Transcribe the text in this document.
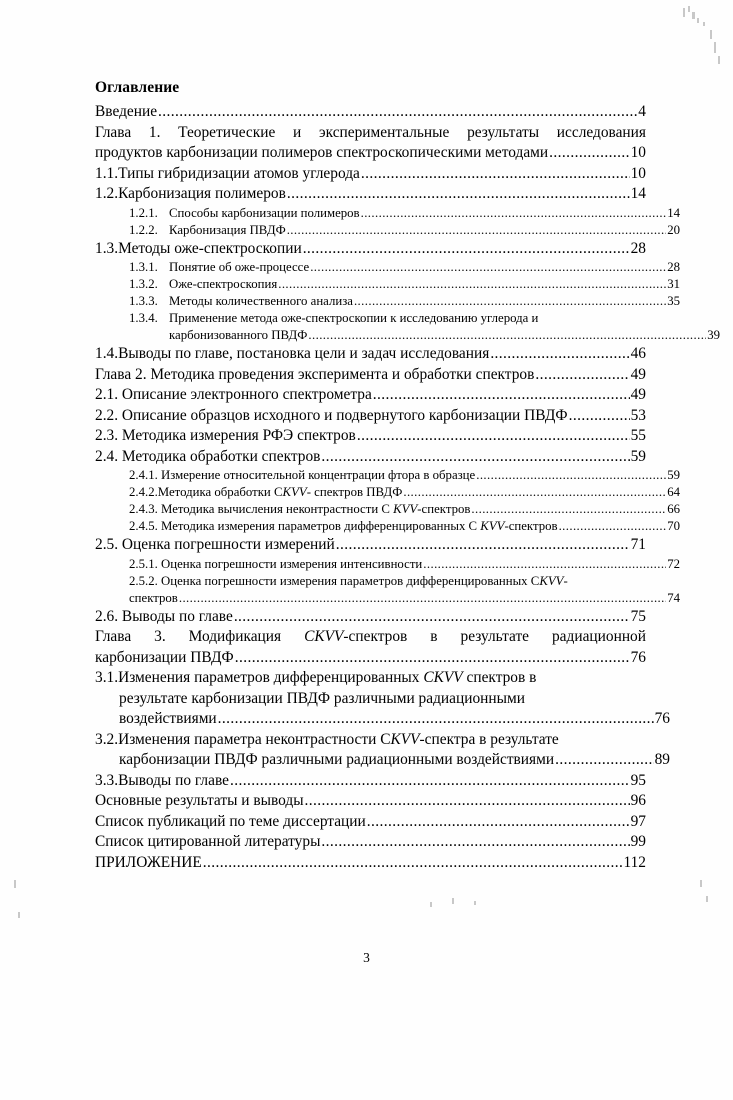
Оглавление
Введение .....	4
Глава 1. Теоретические и экспериментальные результаты исследования
продуктов карбонизации полимеров спектроскопическими методами .....	10
1.1.Типы гибридизации атомов углерода .....	10
1.2.Карбонизация полимеров .....	14
1.2.1. Способы карбонизации полимеров .....	14
1.2.2. Карбонизация ПВДФ .....	20
1.3.Методы оже-спектроскопии .....	28
1.3.1. Понятие об оже-процессе .....	28
1.3.2. Оже-спектроскопия .....	31
1.3.3. Методы количественного анализа .....	35
1.3.4. Применение метода оже-спектроскопии к исследованию углерода и
карбонизованного ПВДФ .....	39
1.4.Выводы по главе, постановка цели и задач исследования .....	46
Глава 2. Методика проведения эксперимента и обработки спектров .....	49
2.1. Описание электронного спектрометра .....	49
2.2. Описание образцов исходного и подвернутого карбонизации ПВДФ .....	53
2.3. Методика измерения РФЭ спектров .....	55
2.4. Методика обработки спектров .....	59
2.4.1. Измерение относительной концентрации фтора в образце .....	59
2.4.2.Методика обработки СKVV- спектров ПВДФ .....	64
2.4.3. Методика вычисления неконтрастности С KVV-спектров .....	66
2.4.5. Методика измерения параметров дифференцированных С KVV-спектров .....	70
2.5. Оценка погрешности измерений .....	71
2.5.1. Оценка погрешности измерения интенсивности .....	72
2.5.2. Оценка погрешности измерения параметров дифференцированных СKVV-
спектров .....	74
2.6. Выводы по главе .....	75
Глава 3. Модификация CKVV-спектров в результате радиационной
карбонизации ПВДФ .....	76
3.1.Изменения параметров дифференцированных CKVV спектров в
результате карбонизации ПВДФ различными радиационными
воздействиями .....	76
3.2.Изменения параметра неконтрастности СKVV-спектра в результате
карбонизации ПВДФ различными радиационными воздействиями .....	89
3.3.Выводы по главе .....	95
Основные результаты и выводы .....	96
Список публикаций по теме диссертации .....	97
Список цитированной литературы .....	99
ПРИЛОЖЕНИЕ .....	112
3
